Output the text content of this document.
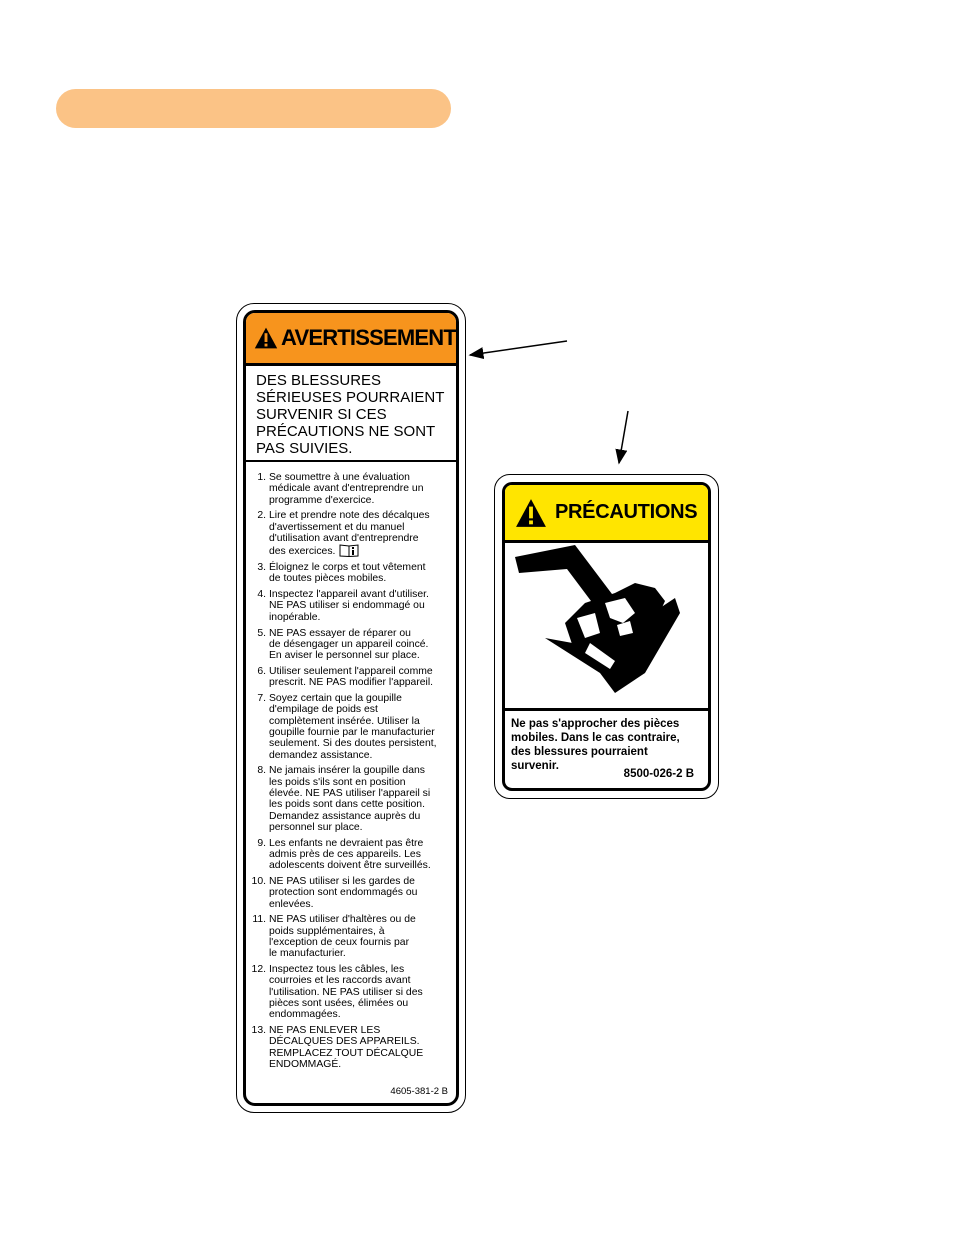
AVERTISSEMENT
DES BLESSURES
SÉRIEUSES POURRAIENT
SURVENIR SI CES
PRÉCAUTIONS NE SONT
PAS SUIVIES.
1. Se soumettre à une évaluation
médicale avant d'entreprendre un
programme d'exercice.
2. Lire et prendre note des décalques
d'avertissement et du manuel
d'utilisation avant d'entreprendre
des exercices.
3. Éloignez le corps et tout vêtement
de toutes pièces mobiles.
4. Inspectez l'appareil avant d'utiliser.
NE PAS utiliser si endommagé ou
inopérable.
5. NE PAS essayer de réparer ou
de désengager un appareil coincé.
En aviser le personnel sur place.
6. Utiliser seulement l'appareil comme
prescrit. NE PAS modifier l'appareil.
7. Soyez certain que la goupille
d'empilage de poids est
complètement insérée. Utiliser la
goupille fournie par le manufacturier
seulement. Si des doutes persistent,
demandez assistance.
8. Ne jamais insérer la goupille dans
les poids s'ils sont en position
élevée. NE PAS utiliser l'appareil si
les poids sont dans cette position.
Demandez assistance auprès du
personnel sur place.
9. Les enfants ne devraient pas être
admis près de ces appareils. Les
adolescents doivent être surveillés.
10. NE PAS utiliser si les gardes de
protection sont endommagés ou
enlevées.
11. NE PAS utiliser d'haltères ou de
poids supplémentaires, à
l'exception de ceux fournis par
le manufacturier.
12. Inspectez tous les câbles, les
courroies et les raccords avant
l'utilisation. NE PAS utiliser si des
pièces sont usées, élimées ou
endommagées.
13. NE PAS ENLEVER LES
DÉCALQUES DES APPAREILS.
REMPLACEZ TOUT DÉCALQUE
ENDOMMAGÉ.
4605-381-2 B
PRÉCAUTIONS
Ne pas s'approcher des pièces
mobiles. Dans le cas contraire,
des blessures pourraient
survenir.
8500-026-2 B
